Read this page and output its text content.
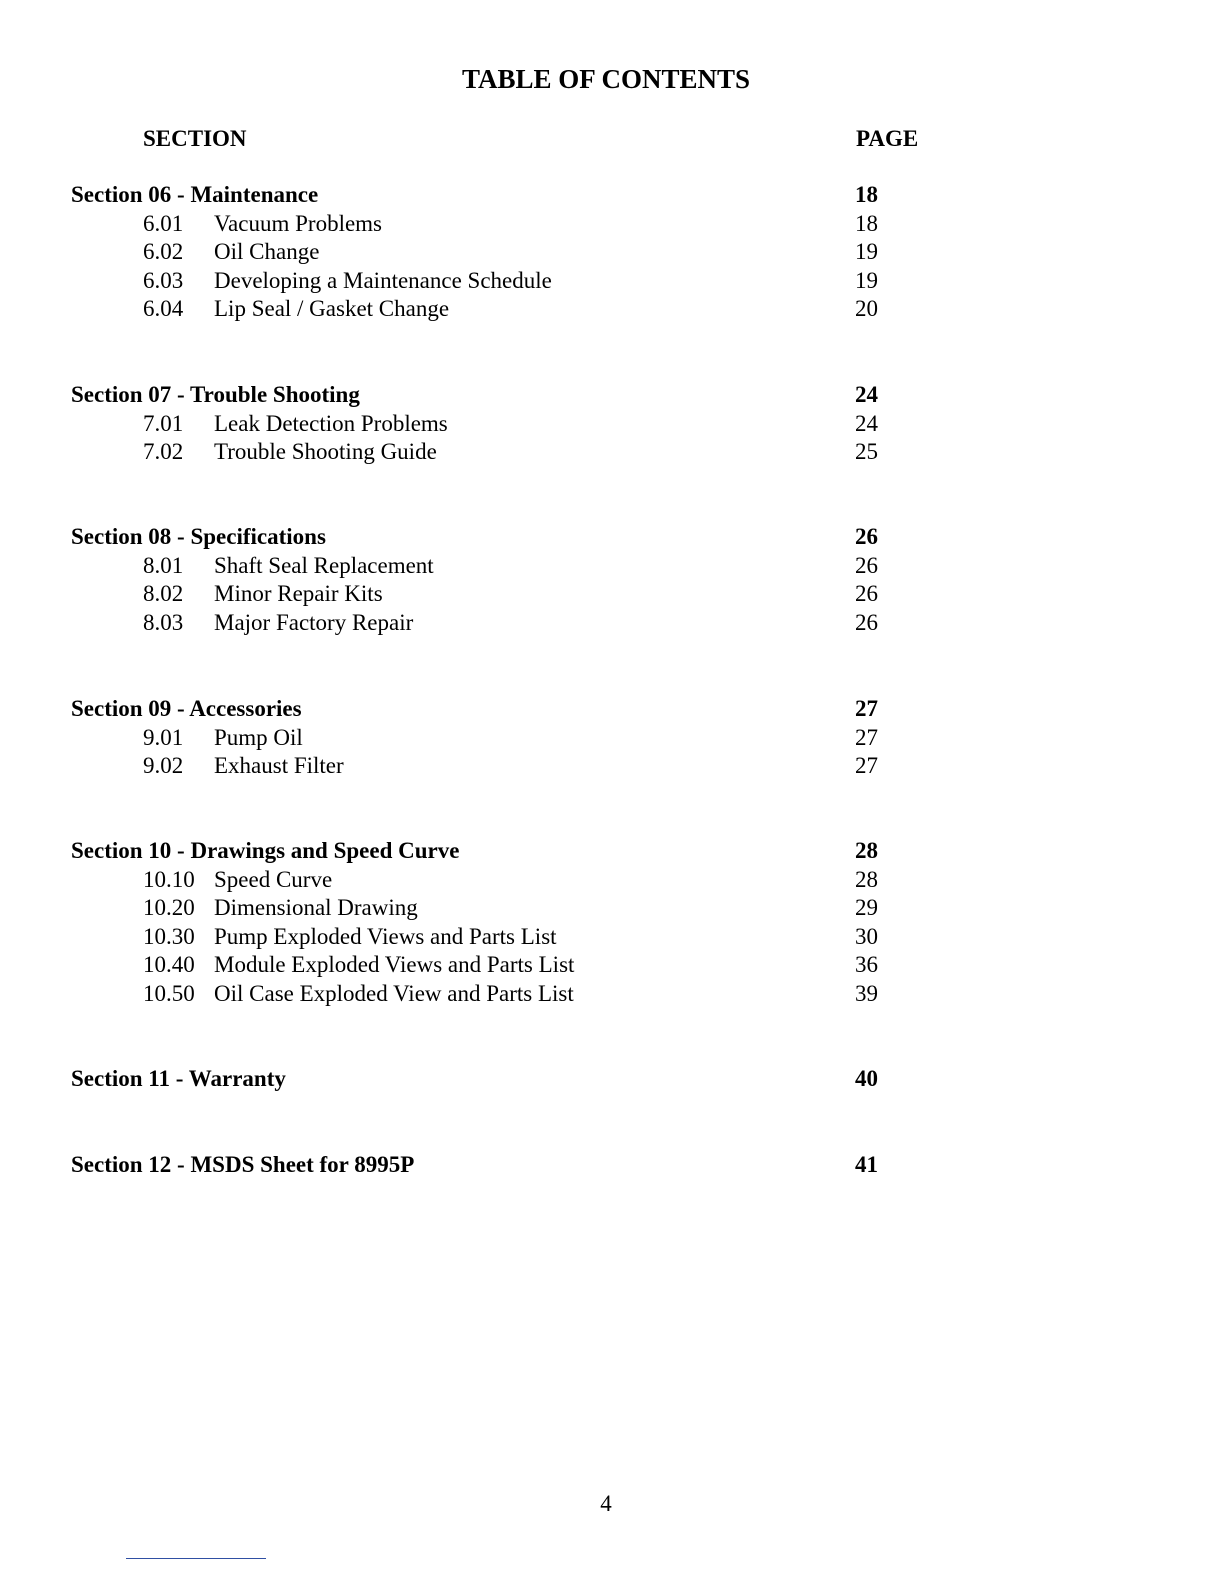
TABLE OF CONTENTS
SECTION	PAGE
Section 06 - Maintenance	18
6.01 Vacuum Problems	18
6.02 Oil Change	19
6.03 Developing a Maintenance Schedule	19
6.04 Lip Seal / Gasket Change	20
Section 07 - Trouble Shooting	24
7.01 Leak Detection Problems	24
7.02 Trouble Shooting Guide	25
Section 08 - Specifications	26
8.01 Shaft Seal Replacement	26
8.02 Minor Repair Kits	26
8.03 Major Factory Repair	26
Section 09 - Accessories	27
9.01 Pump Oil	27
9.02 Exhaust Filter	27
Section 10 - Drawings and Speed Curve	28
10.10 Speed Curve	28
10.20 Dimensional Drawing	29
10.30 Pump Exploded Views and Parts List	30
10.40 Module Exploded Views and Parts List	36
10.50 Oil Case Exploded View and Parts List	39
Section 11 - Warranty	40
Section 12 - MSDS Sheet for 8995P	41
4
